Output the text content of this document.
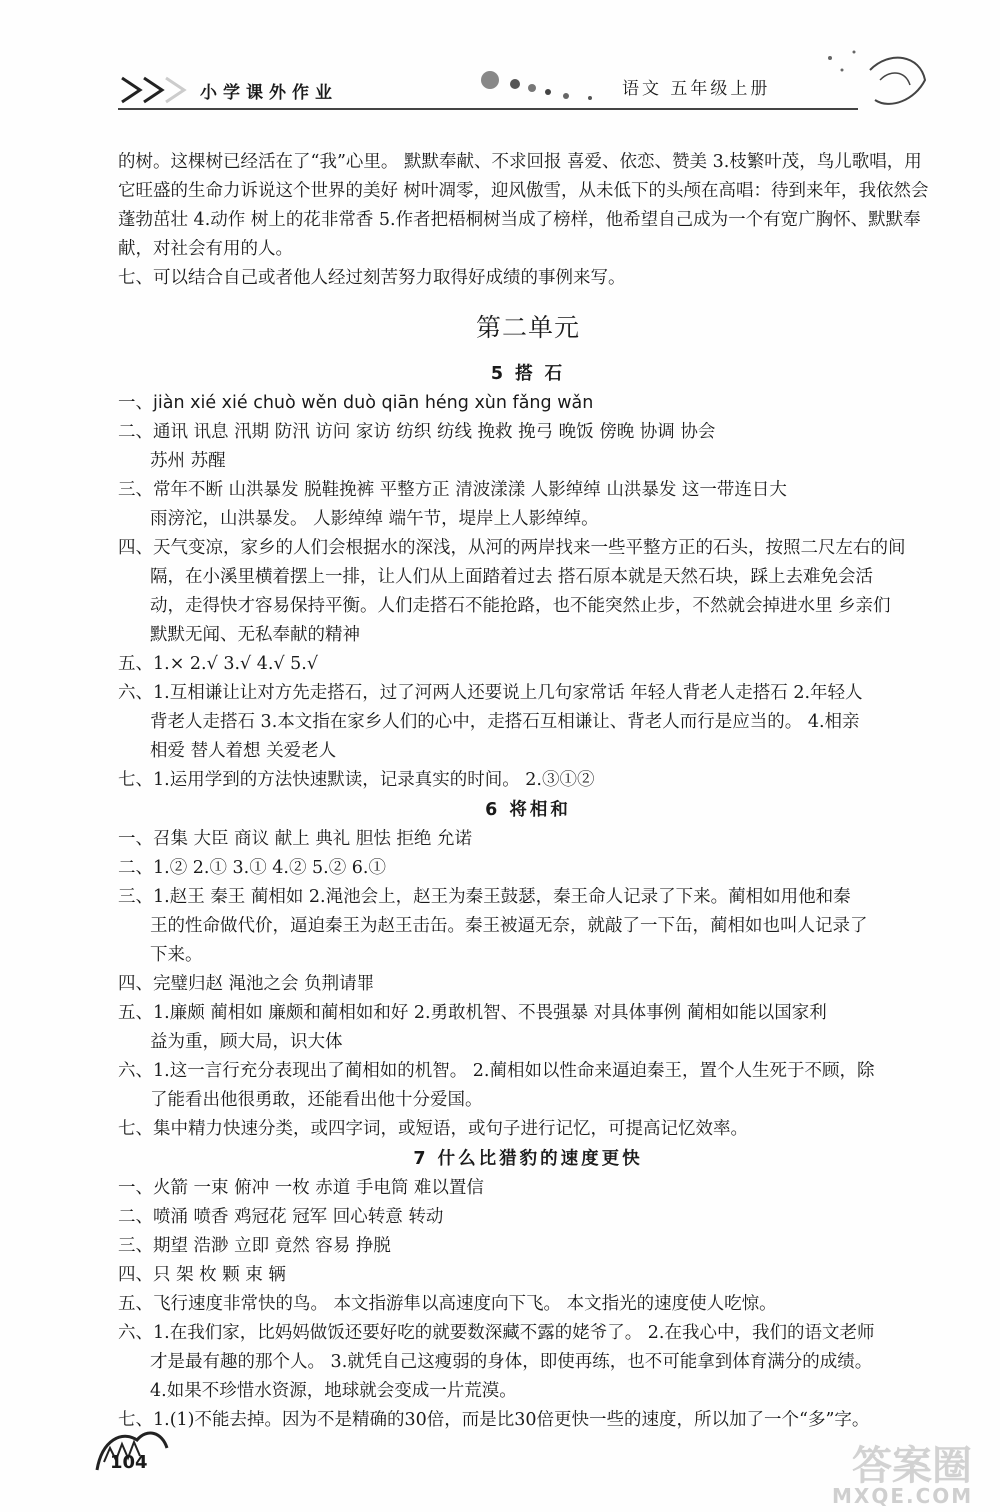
小学课外作业	语文 五年级上册

的树。这棵树已经活在了“我”心里。 默默奉献、不求回报 喜爱、依恋、赞美 3.枝繁叶茂，鸟儿歌唱，用它旺盛的生命力诉说这个世界的美好 树叶凋零，迎风傲雪，从未低下的头颅在高唱：待到来年，我依然会蓬勃茁壮 4.动作 树上的花非常香 5.作者把梧桐树当成了榜样，他希望自己成为一个有宽广胸怀、默默奉献，对社会有用的人。

七、可以结合自己或者他人经过刻苦努力取得好成绩的事例来写。

第二单元

5 搭 石

一、jiàn xié xié chuò wěn duò qiān héng xùn fǎng wǎn

二、通讯 讯息 汛期 防汛 访问 家访 纺织 纺线 挽救 挽弓 晚饭 傍晚 协调 协会

苏州 苏醒

三、常年不断 山洪暴发 脱鞋挽裤 平整方正 清波漾漾 人影绰绰 山洪暴发 这一带连日大

雨滂沱，山洪暴发。 人影绰绰 端午节，堤岸上人影绰绰。

四、天气变凉，家乡的人们会根据水的深浅，从河的两岸找来一些平整方正的石头，按照二尺左右的间

隔，在小溪里横着摆上一排，让人们从上面踏着过去 搭石原本就是天然石块，踩上去难免会活

动，走得快才容易保持平衡。人们走搭石不能抢路，也不能突然止步，不然就会掉进水里 乡亲们

默默无闻、无私奉献的精神

五、1.× 2.√ 3.√ 4.√ 5.√

六、1.互相谦让让对方先走搭石，过了河两人还要说上几句家常话 年轻人背老人走搭石 2.年轻人

背老人走搭石 3.本文指在家乡人们的心中，走搭石互相谦让、背老人而行是应当的。 4.相亲

相爱 替人着想 关爱老人

七、1.运用学到的方法快速默读，记录真实的时间。 2.③①②

6 将相和

一、召集 大臣 商议 献上 典礼 胆怯 拒绝 允诺

二、1.② 2.① 3.① 4.② 5.② 6.①

三、1.赵王 秦王 蔺相如 2.渑池会上，赵王为秦王鼓瑟，秦王命人记录了下来。蔺相如用他和秦

王的性命做代价，逼迫秦王为赵王击缶。秦王被逼无奈，就敲了一下缶，蔺相如也叫人记录了

下来。

四、完璧归赵 渑池之会 负荆请罪

五、1.廉颇 蔺相如 廉颇和蔺相如和好 2.勇敢机智、不畏强暴 对具体事例 蔺相如能以国家利

益为重，顾大局，识大体

六、1.这一言行充分表现出了蔺相如的机智。 2.蔺相如以性命来逼迫秦王，置个人生死于不顾，除

了能看出他很勇敢，还能看出他十分爱国。

七、集中精力快速分类，或四字词，或短语，或句子进行记忆，可提高记忆效率。

7 什么比猎豹的速度更快

一、火箭 一束 俯冲 一枚 赤道 手电筒 难以置信

二、喷涌 喷香 鸡冠花 冠军 回心转意 转动

三、期望 浩渺 立即 竟然 容易 挣脱

四、只 架 枚 颗 束 辆

五、飞行速度非常快的鸟。 本文指游隼以高速度向下飞。 本文指光的速度使人吃惊。

六、1.在我们家，比妈妈做饭还要好吃的就要数深藏不露的姥爷了。 2.在我心中，我们的语文老师

才是最有趣的那个人。 3.就凭自己这瘦弱的身体，即使再练，也不可能拿到体育满分的成绩。

4.如果不珍惜水资源，地球就会变成一片荒漠。

七、1.(1)不能去掉。因为不是精确的30倍，而是比30倍更快一些的速度，所以加了一个“多”字。

104	答案圈
MXQE.COM
